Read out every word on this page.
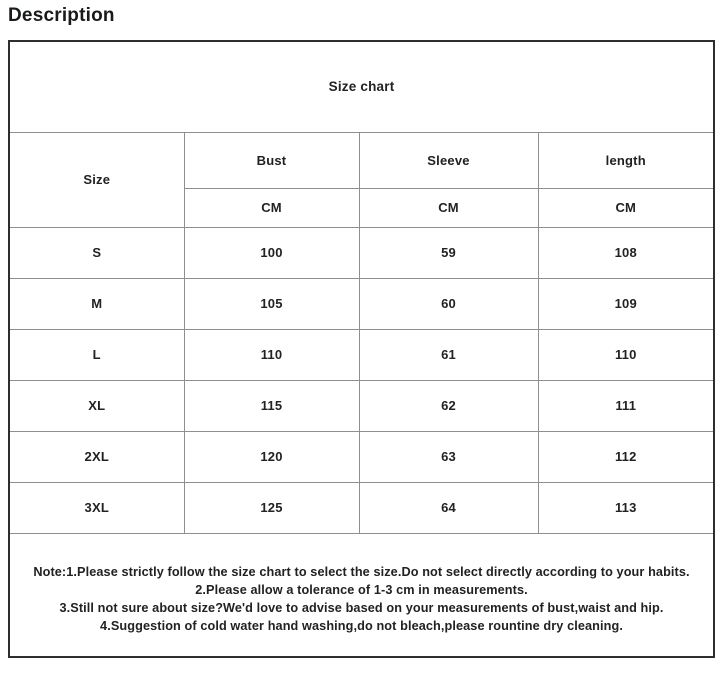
Description
Size chart			
Size	Bust	Sleeve	length
	CM	CM	CM
S	100	59	108
M	105	60	109
L	110	61	110
XL	115	62	111
2XL	120	63	112
3XL	125	64	113

Note:1.Please strictly follow the size chart to select the size.Do not select directly according to your habits.
2.Please allow a tolerance of 1-3 cm in measurements.
3.Still not sure about size?We'd love to advise based on your measurements of bust,waist and hip.
4.Suggestion of cold water hand washing,do not bleach,please rountine dry cleaning.			
